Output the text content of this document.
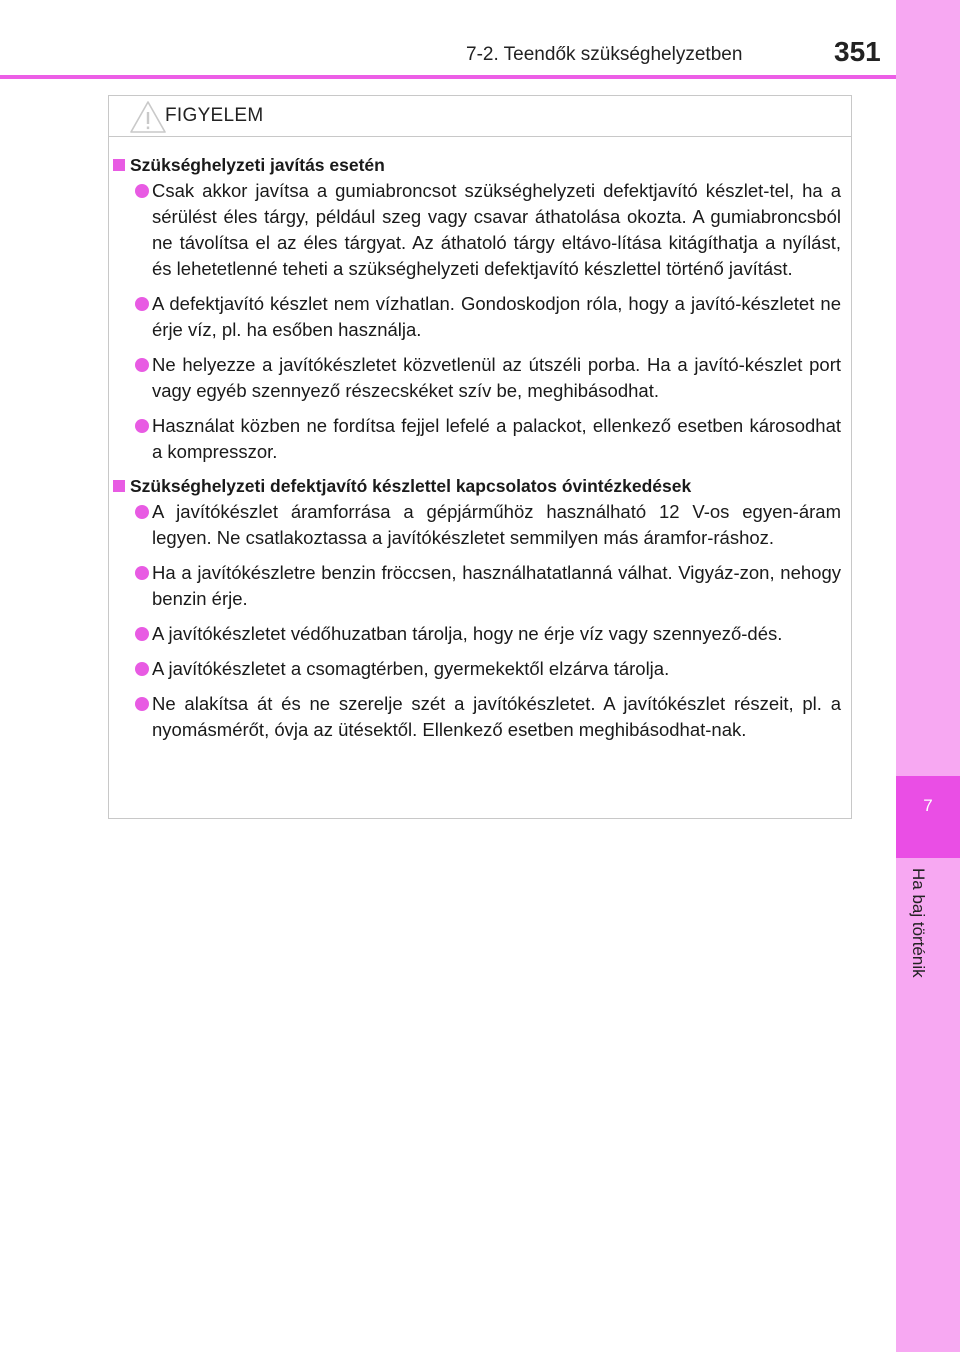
7
Ha baj történik
7-2. Teendők szükséghelyzetben	351
FIGYELEM
Szükséghelyzeti javítás esetén
Csak akkor javítsa a gumiabroncsot szükséghelyzeti defektjavító készlet-tel, ha a sérülést éles tárgy, például szeg vagy csavar áthatolása okozta. A gumiabroncsból ne távolítsa el az éles tárgyat. Az áthatoló tárgy eltávo-lítása kitágíthatja a nyílást, és lehetetlenné teheti a szükséghelyzeti defektjavító készlettel történő javítást.
A defektjavító készlet nem vízhatlan. Gondoskodjon róla, hogy a javító-készletet ne érje víz, pl. ha esőben használja.
Ne helyezze a javítókészletet közvetlenül az útszéli porba. Ha a javító-készlet port vagy egyéb szennyező részecskéket szív be, meghibásodhat.
Használat közben ne fordítsa fejjel lefelé a palackot, ellenkező esetben károsodhat a kompresszor.
Szükséghelyzeti defektjavító készlettel kapcsolatos óvintézkedések
A javítókészlet áramforrása a gépjárműhöz használható 12 V-os egyen-áram legyen. Ne csatlakoztassa a javítókészletet semmilyen más áramfor-ráshoz.
Ha a javítókészletre benzin fröccsen, használhatatlanná válhat. Vigyáz-zon, nehogy benzin érje.
A javítókészletet védőhuzatban tárolja, hogy ne érje víz vagy szennyező-dés.
A javítókészletet a csomagtérben, gyermekektől elzárva tárolja.
Ne alakítsa át és ne szerelje szét a javítókészletet. A javítókészlet részeit, pl. a nyomásmérőt, óvja az ütésektől. Ellenkező esetben meghibásodhat-nak.
